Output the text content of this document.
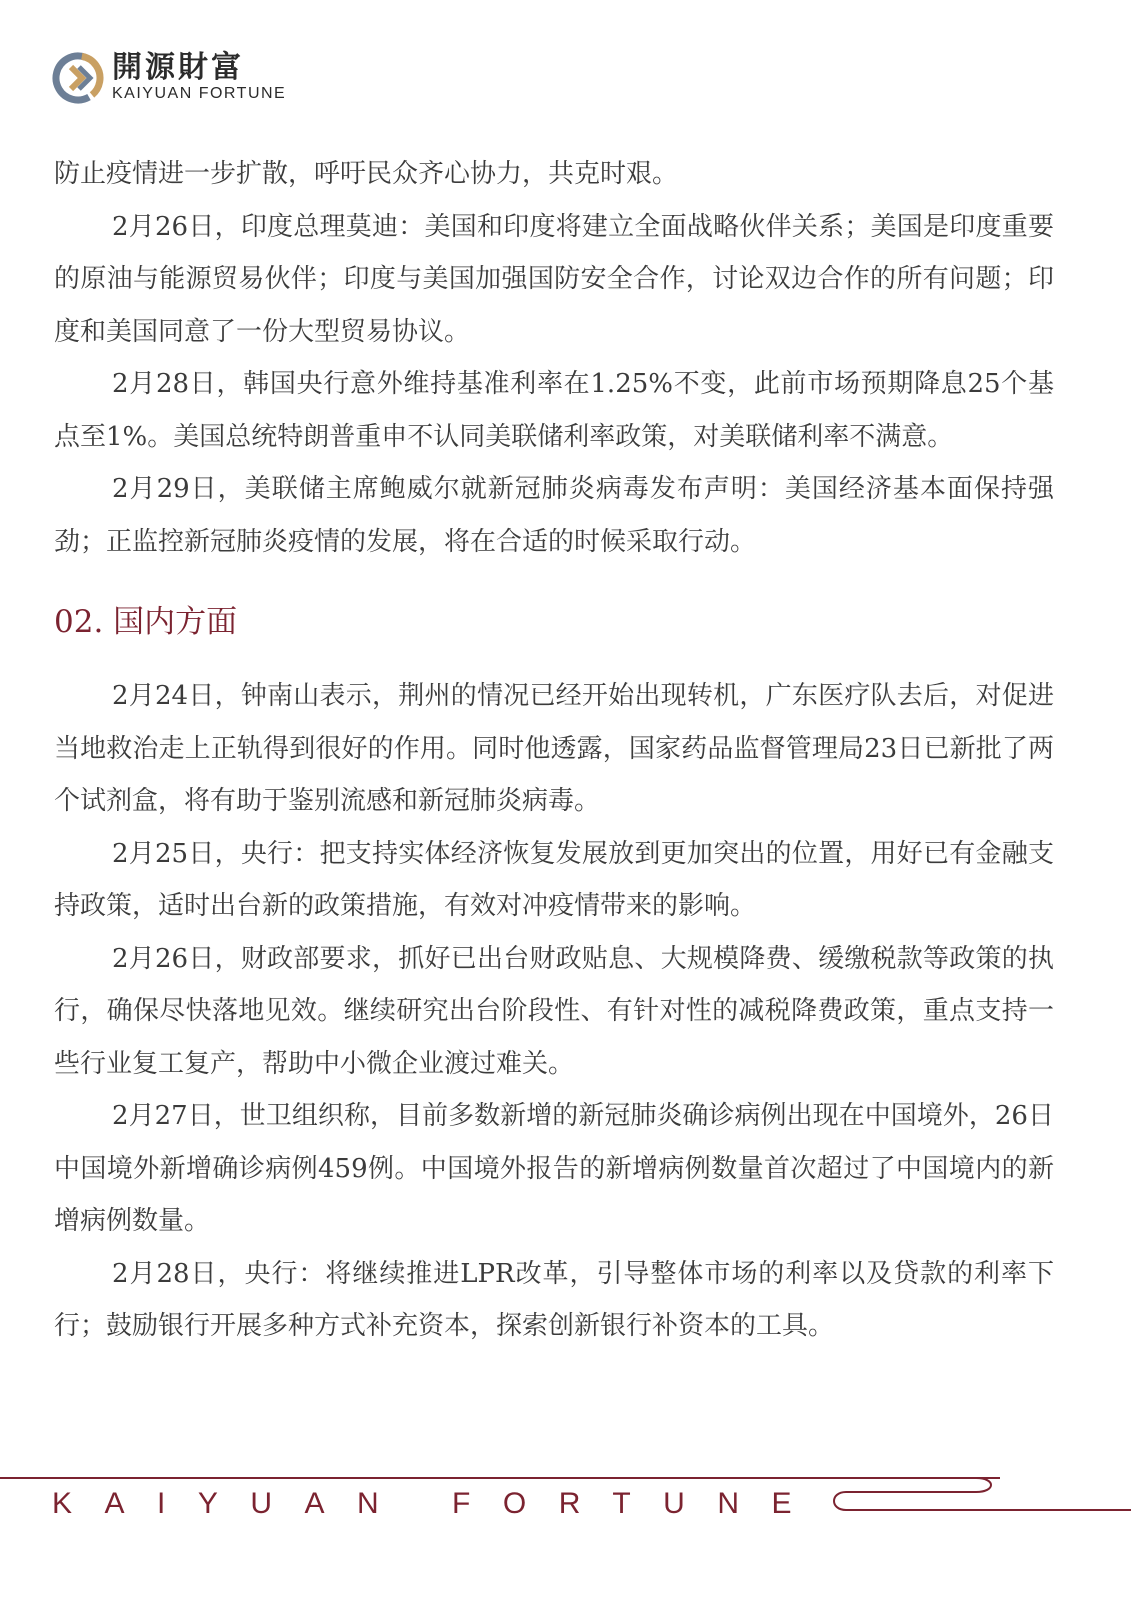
開源財富
KAIYUAN FORTUNE

防止疫情进一步扩散，呼吁民众齐心协力，共克时艰。

2月26日，印度总理莫迪：美国和印度将建立全面战略伙伴关系；美国是印度重要的原油与能源贸易伙伴；印度与美国加强国防安全合作，讨论双边合作的所有问题；印度和美国同意了一份大型贸易协议。

2月28日，韩国央行意外维持基准利率在1.25%不变，此前市场预期降息25个基点至1%。美国总统特朗普重申不认同美联储利率政策，对美联储利率不满意。

2月29日，美联储主席鲍威尔就新冠肺炎病毒发布声明：美国经济基本面保持强劲；正监控新冠肺炎疫情的发展，将在合适的时候采取行动。

02. 国内方面

2月24日，钟南山表示，荆州的情况已经开始出现转机，广东医疗队去后，对促进当地救治走上正轨得到很好的作用。同时他透露，国家药品监督管理局23日已新批了两个试剂盒，将有助于鉴别流感和新冠肺炎病毒。

2月25日，央行：把支持实体经济恢复发展放到更加突出的位置，用好已有金融支持政策，适时出台新的政策措施，有效对冲疫情带来的影响。

2月26日，财政部要求，抓好已出台财政贴息、大规模降费、缓缴税款等政策的执行，确保尽快落地见效。继续研究出台阶段性、有针对性的减税降费政策，重点支持一些行业复工复产，帮助中小微企业渡过难关。

2月27日，世卫组织称，目前多数新增的新冠肺炎确诊病例出现在中国境外，26日中国境外新增确诊病例459例。中国境外报告的新增病例数量首次超过了中国境内的新增病例数量。

2月28日，央行：将继续推进LPR改革，引导整体市场的利率以及贷款的利率下行；鼓励银行开展多种方式补充资本，探索创新银行补资本的工具。

KAIYUAN FORTUNE
